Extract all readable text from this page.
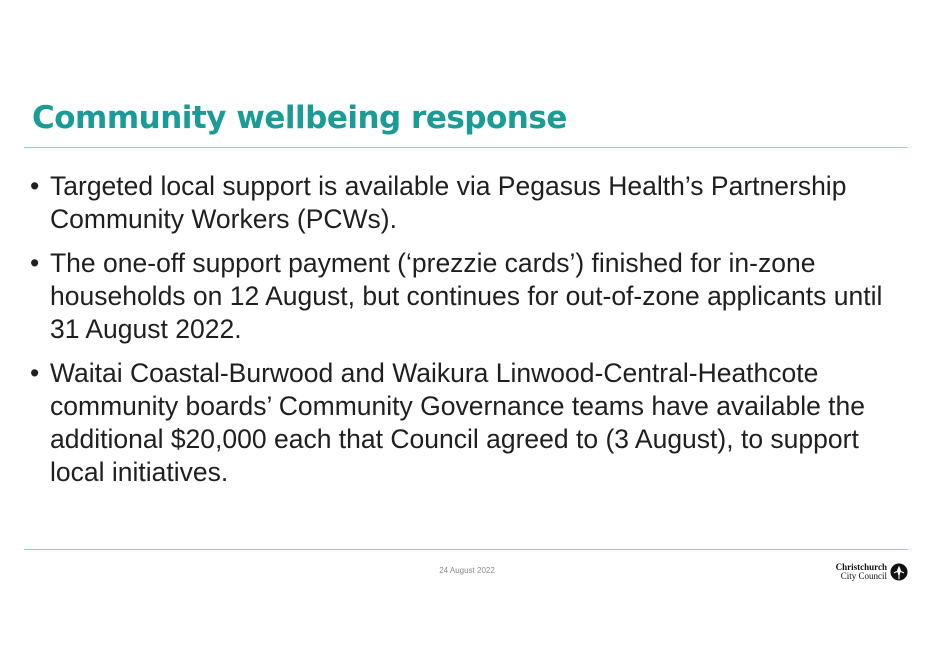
Community wellbeing response
• Targeted local support is available via Pegasus Health’s Partnership Community Workers (PCWs).
• The one-off support payment (‘prezzie cards’) finished for in-zone households on 12 August, but continues for out-of-zone applicants until 31 August 2022.
• Waitai Coastal-Burwood and Waikura Linwood-Central-Heathcote community boards’ Community Governance teams have available the additional $20,000 each that Council agreed to (3 August), to support local initiatives.
24 August 2022	Christchurch
City Council
